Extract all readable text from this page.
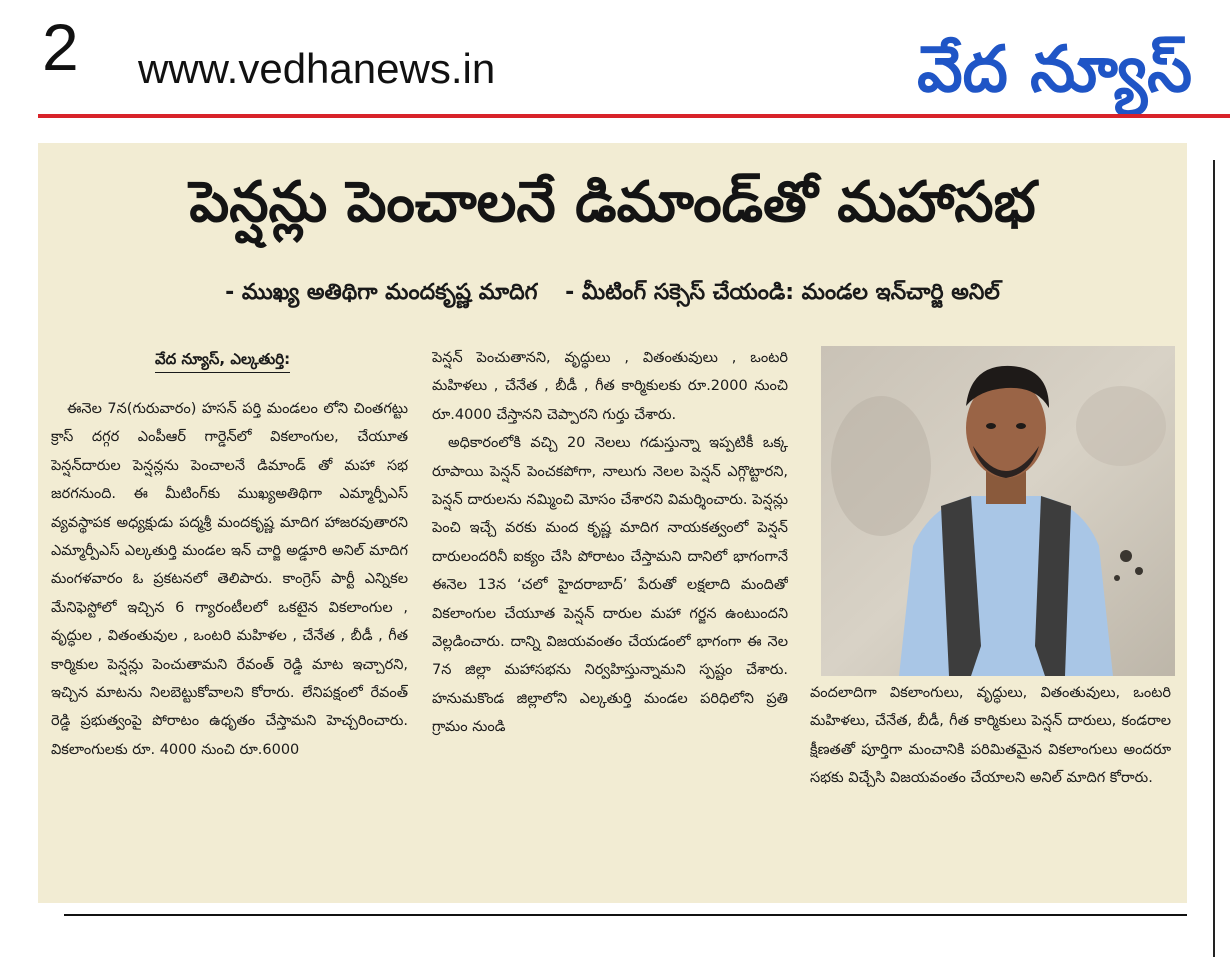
2 www.vedhanews.in	వేద న్యూస్
పెన్షన్లు పెంచాలనే డిమాండ్‌తో మహాసభ
- ముఖ్య అతిథిగా మందకృష్ణ మాదిగ - మీటింగ్ సక్సెస్ చేయండి: మండల ఇన్‌చార్జి అనిల్
వేద న్యూస్, ఎల్కతుర్తి:

ఈనెల 7న(గురువారం) హసన్ పర్తి మండలం లోని చింతగట్టు క్రాస్ దగ్గర ఎంపీఆర్ గార్డెన్‌లో వికలాంగుల, చేయూత పెన్షన్‌దారుల పెన్షన్లను పెంచాలనే డిమాండ్ తో మహా సభ జరగనుంది. ఈ మీటింగ్‌కు ముఖ్యఅతిథిగా ఎమ్మార్పీఎస్ వ్యవస్థాపక అధ్యక్షుడు పద్మశ్రీ మందకృష్ణ మాదిగ హాజరవుతారని ఎమ్మార్పీఎస్ ఎల్కతుర్తి మండల ఇన్ చార్జి అడ్డూరి అనిల్ మాదిగ మంగళవారం ఓ ప్రకటనలో తెలిపారు. కాంగ్రెస్ పార్టీ ఎన్నికల మేనిఫెస్టోలో ఇచ్చిన 6 గ్యారంటీలలో ఒకటైన వికలాంగుల , వృద్ధుల , వితంతువుల , ఒంటరి మహిళల , చేనేత , బీడీ , గీత కార్మికుల పెన్షన్లు పెంచుతామని రేవంత్ రెడ్డి మాట ఇచ్చారని, ఇచ్చిన మాటను నిలబెట్టుకోవాలని కోరారు. లేనిపక్షంలో రేవంత్ రెడ్డి ప్రభుత్వంపై పోరాటం ఉధృతం చేస్తామని హెచ్చరించారు. వికలాంగులకు రూ. 4000 నుంచి రూ.6000

పెన్షన్ పెంచుతానని, వృద్ధులు , వితంతువులు , ఒంటరి మహిళలు , చేనేత , బీడీ , గీత కార్మికులకు రూ.2000 నుంచి రూ.4000 చేస్తానని చెప్పారని గుర్తు చేశారు.

అధికారంలోకి వచ్చి 20 నెలలు గడుస్తున్నా ఇప్పటికీ ఒక్క రూపాయి పెన్షన్ పెంచకపోగా, నాలుగు నెలల పెన్షన్ ఎగ్గొట్టారని, పెన్షన్ దారులను నమ్మించి మోసం చేశారని విమర్శించారు. పెన్షన్లు పెంచి ఇచ్చే వరకు మంద కృష్ణ మాదిగ నాయకత్వంలో పెన్షన్ దారులందరినీ ఐక్యం చేసి పోరాటం చేస్తామని దానిలో భాగంగానే ఈనెల 13న ‘చలో హైదరాబాద్’ పేరుతో లక్షలాది మందితో వికలాంగుల చేయూత పెన్షన్ దారుల మహా గర్జన ఉంటుందని వెల్లడించారు. దాన్ని విజయవంతం చేయడంలో భాగంగా ఈ నెల 7న జిల్లా మహాసభను నిర్వహిస్తున్నామని స్పష్టం చేశారు. హనుమకొండ జిల్లాలోని ఎల్కతుర్తి మండల పరిధిలోని ప్రతి గ్రామం నుండి

వందలాదిగా వికలాంగులు, వృద్ధులు, వితంతువులు, ఒంటరి మహిళలు, చేనేత, బీడీ, గీత కార్మికులు పెన్షన్ దారులు, కండరాల క్షీణతతో పూర్తిగా మంచానికి పరిమితమైన వికలాంగులు అందరూ సభకు విచ్చేసి విజయవంతం చేయాలని అనిల్ మాదిగ కోరారు.
